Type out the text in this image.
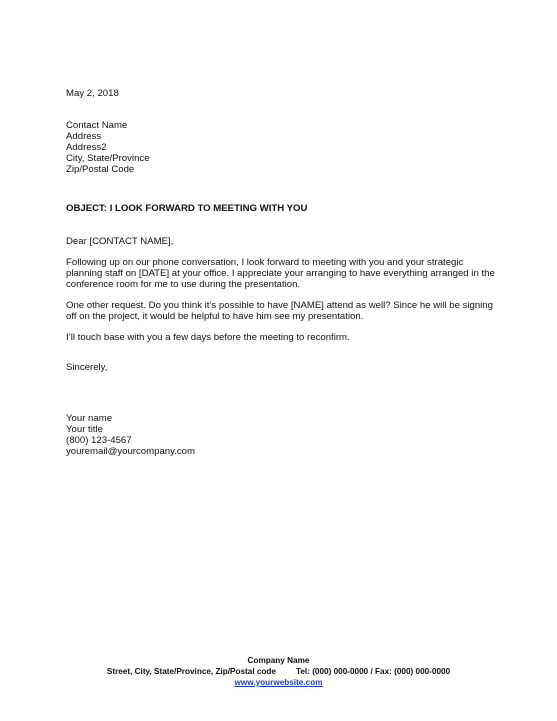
May 2, 2018
Contact Name
Address
Address2
City, State/Province
Zip/Postal Code
OBJECT: I LOOK FORWARD TO MEETING WITH YOU
Dear [CONTACT NAME],
Following up on our phone conversation, I look forward to meeting with you and your strategic planning staff on [DATE] at your office. I appreciate your arranging to have everything arranged in the conference room for me to use during the presentation.
One other request. Do you think it’s possible to have [NAME] attend as well? Since he will be signing off on the project, it would be helpful to have him see my presentation.
I’ll touch base with you a few days before the meeting to reconfirm.
Sincerely,
Your name
Your title
(800) 123-4567
youremail@yourcompany.com
Company Name
Street, City, State/Province, Zip/Postal code Tel: (000) 000-0000 / Fax: (000) 000-0000
www.yourwebsite.com
